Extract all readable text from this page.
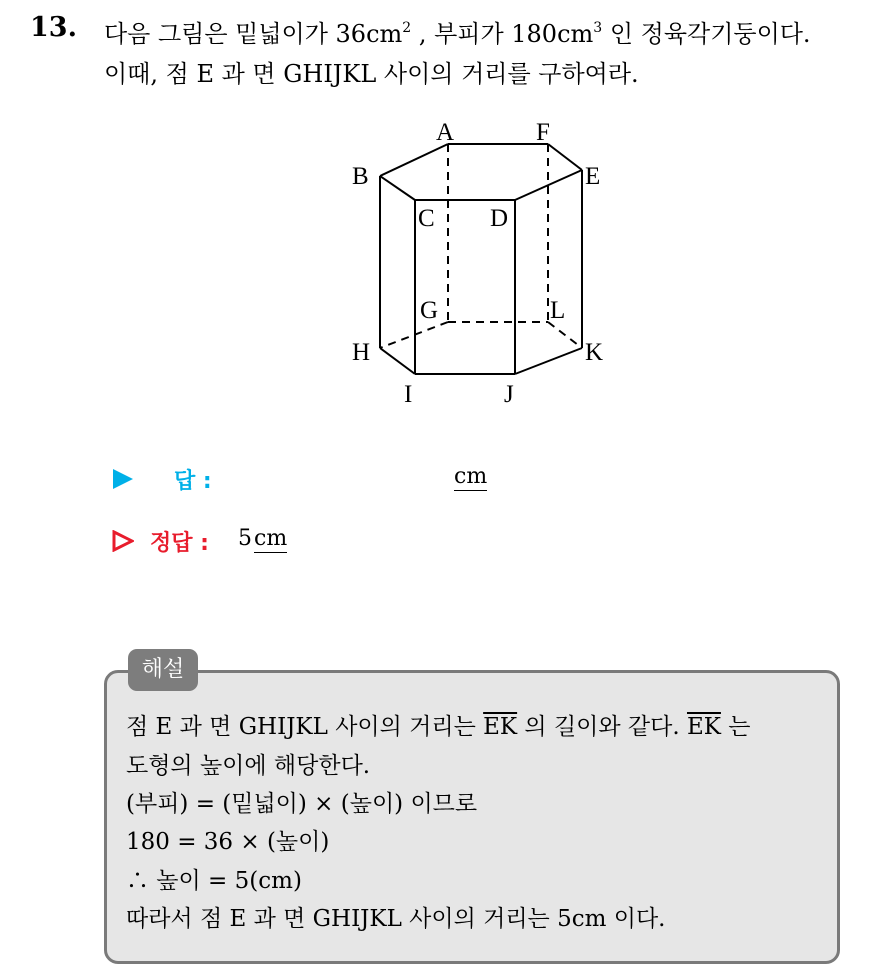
13. 다음 그림은 밑넓이가 $36cm^2$ , 부피가 $180cm^3$ 인 정육각기둥이다.
이때, 점 E 과 면 GHIJKL 사이의 거리를 구하여라.
A	F
B	E
C D
G	L
H	K
I	J
답 :	cm
정답 : 5 cm
해설
점 E 과 면 GHIJKL 사이의 거리는 $\overline{EK}$ 의 길이와 같다. $\overline{EK}$ 는
도형의 높이에 해당한다.
(부피) = (밑넓이) × (높이) 이므로
180 = 36 × (높이)
∴ 높이 = 5(cm)
따라서 점 E 과 면 GHIJKL 사이의 거리는 5cm 이다.
